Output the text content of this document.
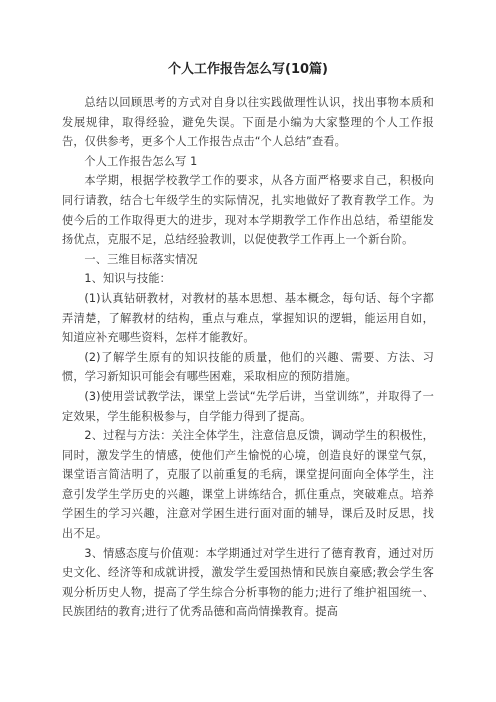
个人工作报告怎么写(10篇)

总结以回顾思考的方式对自身以往实践做理性认识，找出事物本质和发展规律，取得经验，避免失误。下面是小编为大家整理的个人工作报告，仅供参考，更多个人工作报告点击“个人总结”查看。

个人工作报告怎么写 1

本学期，根据学校教学工作的要求，从各方面严格要求自己，积极向同行请教，结合七年级学生的实际情况，扎实地做好了教育教学工作。为使今后的工作取得更大的进步，现对本学期教学工作作出总结，希望能发扬优点，克服不足，总结经验教训，以促使教学工作再上一个新台阶。

一、三维目标落实情况

1、知识与技能：

(1)认真钻研教材，对教材的基本思想、基本概念，每句话、每个字都弄清楚，了解教材的结构，重点与难点，掌握知识的逻辑，能运用自如，知道应补充哪些资料，怎样才能教好。

(2)了解学生原有的知识技能的质量，他们的兴趣、需要、方法、习惯，学习新知识可能会有哪些困难，采取相应的预防措施。

(3)使用尝试教学法，课堂上尝试“先学后讲，当堂训练”，并取得了一定效果，学生能积极参与，自学能力得到了提高。

2、过程与方法：关注全体学生，注意信息反馈，调动学生的积极性，同时，激发学生的情感，使他们产生愉悦的心境，创造良好的课堂气氛，课堂语言简洁明了，克服了以前重复的毛病，课堂提问面向全体学生，注意引发学生学历史的兴趣，课堂上讲练结合，抓住重点，突破难点。培养学困生的学习兴趣，注意对学困生进行面对面的辅导，课后及时反思，找出不足。

3、情感态度与价值观：本学期通过对学生进行了德育教育，通过对历史文化、经济等和成就讲授，激发学生爱国热情和民族自豪感;教会学生客观分析历史人物，提高了学生综合分析事物的能力;进行了维护祖国统一、民族团结的教育;进行了优秀品德和高尚情操教育。提高
